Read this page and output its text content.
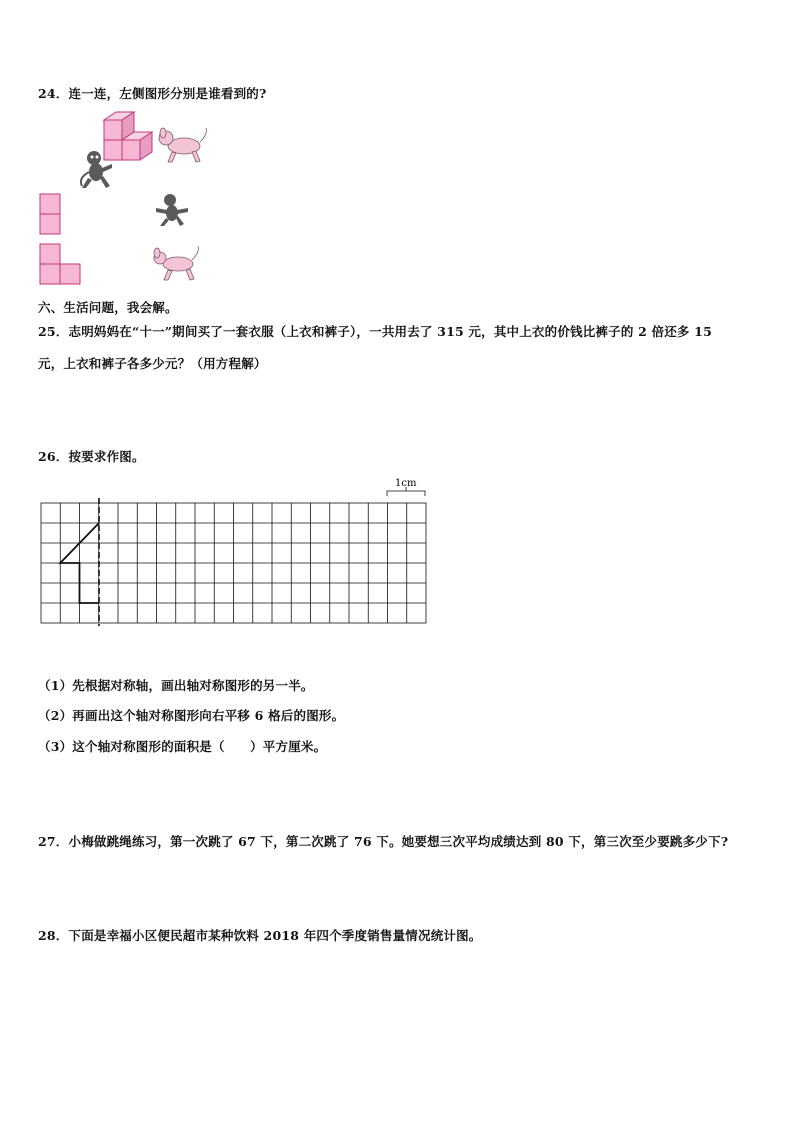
24．连一连，左侧图形分别是谁看到的?
六、生活问题，我会解。
25．志明妈妈在“十一”期间买了一套衣服（上衣和裤子），一共用去了 315 元，其中上衣的价钱比裤子的 2 倍还多 15
元，上衣和裤子各多少元？（用方程解）
26．按要求作图。
1cm
（1）先根据对称轴，画出轴对称图形的另一半。
（2）再画出这个轴对称图形向右平移 6 格后的图形。
（3）这个轴对称图形的面积是（　　）平方厘米。
27．小梅做跳绳练习，第一次跳了 67 下，第二次跳了 76 下。她要想三次平均成绩达到 80 下，第三次至少要跳多少下?
28．下面是幸福小区便民超市某种饮料 2018 年四个季度销售量情况统计图。
